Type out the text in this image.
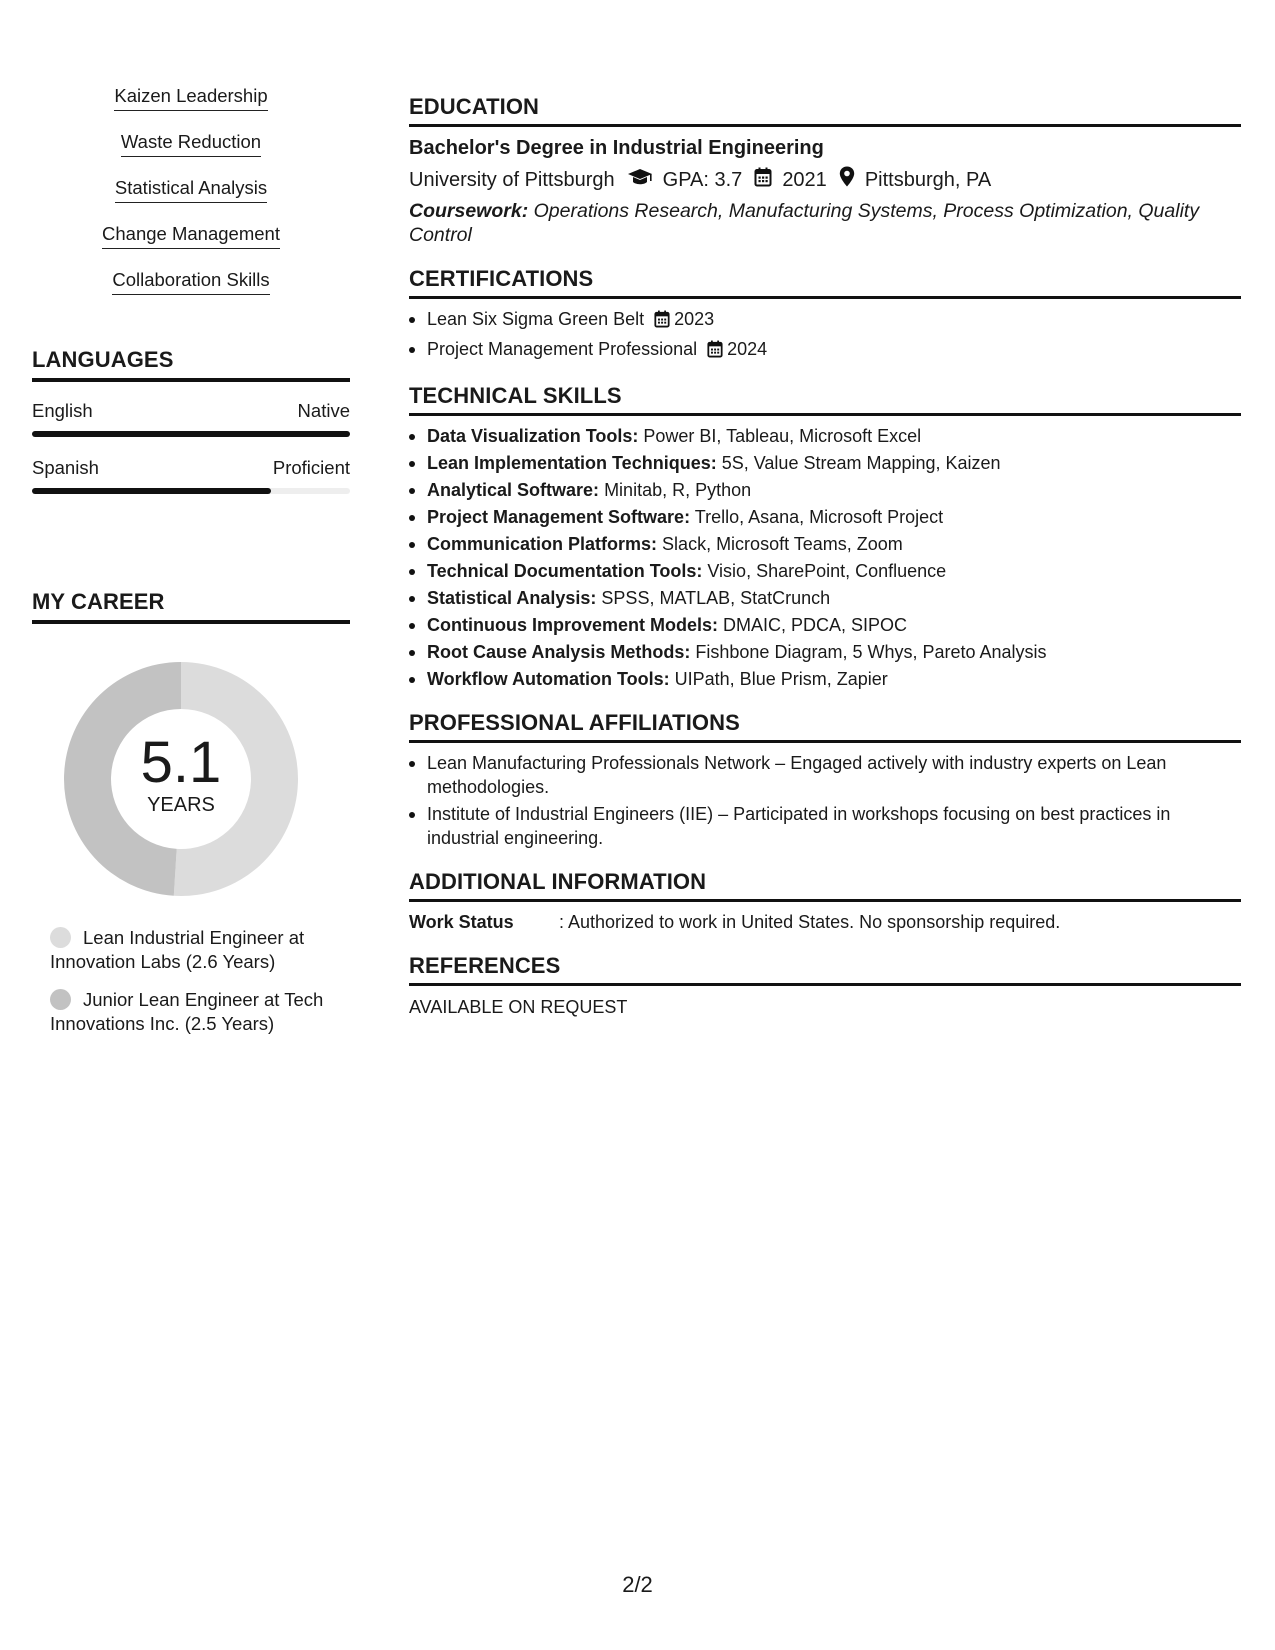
Kaizen Leadership
Waste Reduction
Statistical Analysis
Change Management
Collaboration Skills
LANGUAGES
English	Native
Spanish	Proficient
MY CAREER
5.1
YEARS
Lean Industrial Engineer at Innovation Labs (2.6 Years)
Junior Lean Engineer at Tech Innovations Inc. (2.5 Years)
EDUCATION
Bachelor's Degree in Industrial Engineering
University of Pittsburgh GPA: 3.7 2021 Pittsburgh, PA
Coursework: Operations Research, Manufacturing Systems, Process Optimization, Quality Control
CERTIFICATIONS
Lean Six Sigma Green Belt 2023
Project Management Professional 2024
TECHNICAL SKILLS
Data Visualization Tools: Power BI, Tableau, Microsoft Excel
Lean Implementation Techniques: 5S, Value Stream Mapping, Kaizen
Analytical Software: Minitab, R, Python
Project Management Software: Trello, Asana, Microsoft Project
Communication Platforms: Slack, Microsoft Teams, Zoom
Technical Documentation Tools: Visio, SharePoint, Confluence
Statistical Analysis: SPSS, MATLAB, StatCrunch
Continuous Improvement Models: DMAIC, PDCA, SIPOC
Root Cause Analysis Methods: Fishbone Diagram, 5 Whys, Pareto Analysis
Workflow Automation Tools: UIPath, Blue Prism, Zapier
PROFESSIONAL AFFILIATIONS
Lean Manufacturing Professionals Network – Engaged actively with industry experts on Lean methodologies.
Institute of Industrial Engineers (IIE) – Participated in workshops focusing on best practices in industrial engineering.
ADDITIONAL INFORMATION
Work Status	: Authorized to work in United States. No sponsorship required.
REFERENCES
AVAILABLE ON REQUEST
2/2
